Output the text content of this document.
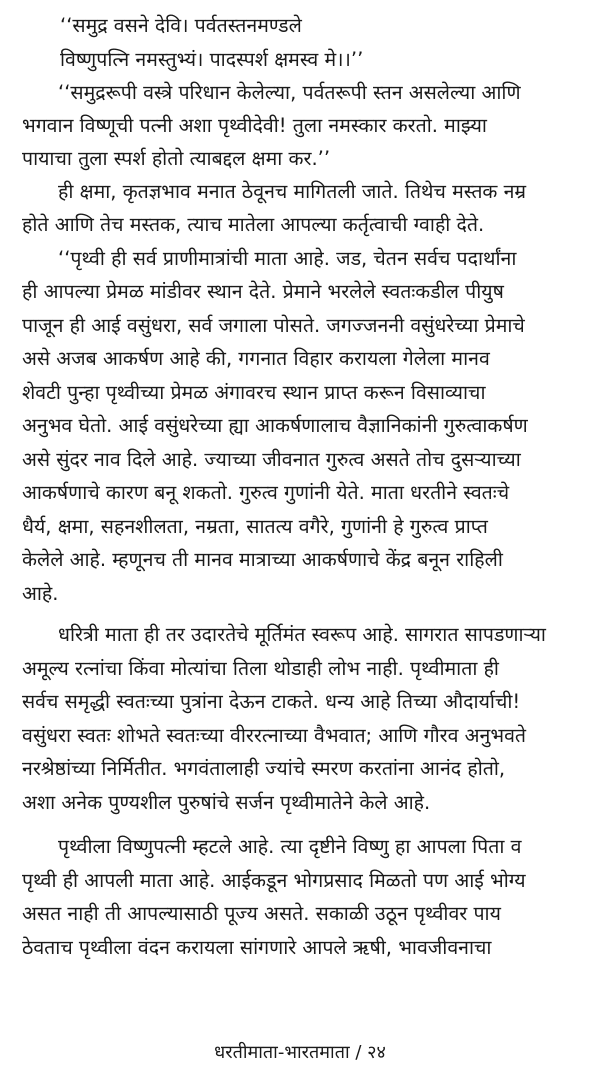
‘‘समुद्र वसने देवि। पर्वतस्तनमण्डले
विष्णुपत्नि नमस्तुभ्यं। पादस्पर्श क्षमस्व मे।।’’
‘‘समुद्ररूपी वस्त्रे परिधान केलेल्या, पर्वतरूपी स्तन असलेल्या आणि
भगवान विष्णूची पत्नी अशा पृथ्वीदेवी! तुला नमस्कार करतो. माझ्या
पायाचा तुला स्पर्श होतो त्याबद्दल क्षमा कर.’’
ही क्षमा, कृतज्ञभाव मनात ठेवूनच मागितली जाते. तिथेच मस्तक नम्र
होते आणि तेच मस्तक, त्याच मातेला आपल्या कर्तृत्वाची ग्वाही देते.
‘‘पृथ्वी ही सर्व प्राणीमात्रांची माता आहे. जड, चेतन सर्वच पदार्थांना
ही आपल्या प्रेमळ मांडीवर स्थान देते. प्रेमाने भरलेले स्वतःकडील पीयुष
पाजून ही आई वसुंधरा, सर्व जगाला पोसते. जगज्जननी वसुंधरेच्या प्रेमाचे
असे अजब आकर्षण आहे की, गगनात विहार करायला गेलेला मानव
शेवटी पुन्हा पृथ्वीच्या प्रेमळ अंगावरच स्थान प्राप्त करून विसाव्याचा
अनुभव घेतो. आई वसुंधरेच्या ह्या आकर्षणालाच वैज्ञानिकांनी गुरुत्वाकर्षण
असे सुंदर नाव दिले आहे. ज्याच्या जीवनात गुरुत्व असते तोच दुसऱ्याच्या
आकर्षणाचे कारण बनू शकतो. गुरुत्व गुणांनी येते. माता धरतीने स्वतःचे
धैर्य, क्षमा, सहनशीलता, नम्रता, सातत्य वगैरे, गुणांनी हे गुरुत्व प्राप्त
केलेले आहे. म्हणूनच ती मानव मात्राच्या आकर्षणाचे केंद्र बनून राहिली
आहे.
धरित्री माता ही तर उदारतेचे मूर्तिमंत स्वरूप आहे. सागरात सापडणाऱ्या
अमूल्य रत्नांचा किंवा मोत्यांचा तिला थोडाही लोभ नाही. पृथ्वीमाता ही
सर्वच समृद्धी स्वतःच्या पुत्रांना देऊन टाकते. धन्य आहे तिच्या औदार्याची!
वसुंधरा स्वतः शोभते स्वतःच्या वीररत्नाच्या वैभवात; आणि गौरव अनुभवते
नरश्रेष्ठांच्या निर्मितीत. भगवंतालाही ज्यांचे स्मरण करतांना आनंद होतो,
अशा अनेक पुण्यशील पुरुषांचे सर्जन पृथ्वीमातेने केले आहे.
पृथ्वीला विष्णुपत्नी म्हटले आहे. त्या दृष्टीने विष्णु हा आपला पिता व
पृथ्वी ही आपली माता आहे. आईकडून भोगप्रसाद मिळतो पण आई भोग्य
असत नाही ती आपल्यासाठी पूज्य असते. सकाळी उठून पृथ्वीवर पाय
ठेवताच पृथ्वीला वंदन करायला सांगणारे आपले ऋषी, भावजीवनाचा
धरतीमाता-भारतमाता / २४
